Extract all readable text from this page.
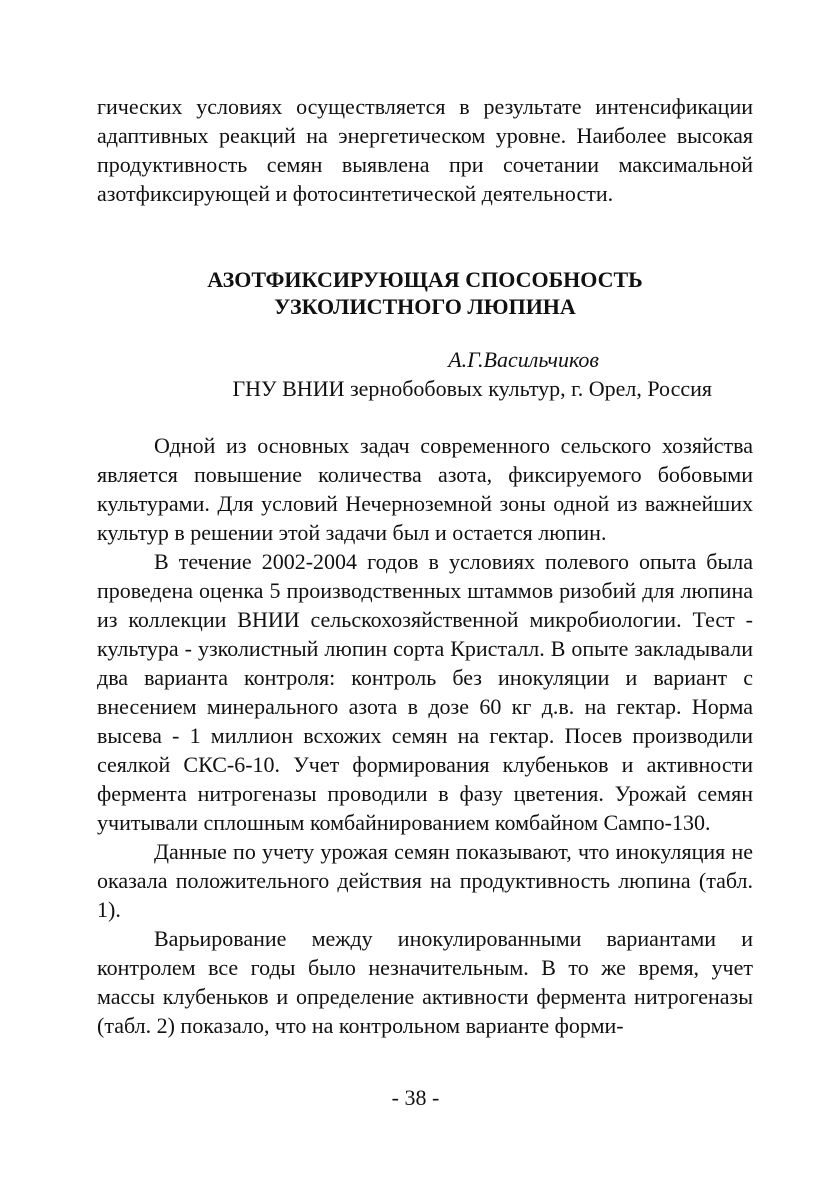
гических условиях осуществляется в результате интенсификации адаптивных реакций на энергетическом уровне. Наиболее высокая продуктивность семян выявлена при сочетании максимальной азотфиксирующей и фотосинтетической деятельности.

АЗОТФИКСИРУЮЩАЯ СПОСОБНОСТЬ
УЗКОЛИСТНОГО ЛЮПИНА
А.Г.Васильчиков
ГНУ ВНИИ зернобобовых культур, г. Орел, Россия

Одной из основных задач современного сельского хозяйства является повышение количества азота, фиксируемого бобовыми культурами. Для условий Нечерноземной зоны одной из важнейших культур в решении этой задачи был и остается люпин.

В течение 2002-2004 годов в условиях полевого опыта была проведена оценка 5 производственных штаммов ризобий для люпина из коллекции ВНИИ сельскохозяйственной микробиологии. Тест - культура - узколистный люпин сорта Кристалл. В опыте закладывали два варианта контроля: контроль без инокуляции и вариант с внесением минерального азота в дозе 60 кг д.в. на гектар. Норма высева - 1 миллион всхожих семян на гектар. Посев производили сеялкой СКС-6-10. Учет формирования клубеньков и активности фермента нитрогеназы проводили в фазу цветения. Урожай семян учитывали сплошным комбайнированием комбайном Сампо-130.

Данные по учету урожая семян показывают, что инокуляция не оказала положительного действия на продуктивность люпина (табл. 1).

Варьирование между инокулированными вариантами и контролем все годы было незначительным. В то же время, учет массы клубеньков и определение активности фермента нитрогеназы (табл. 2) показало, что на контрольном варианте форми-

- 38 -
